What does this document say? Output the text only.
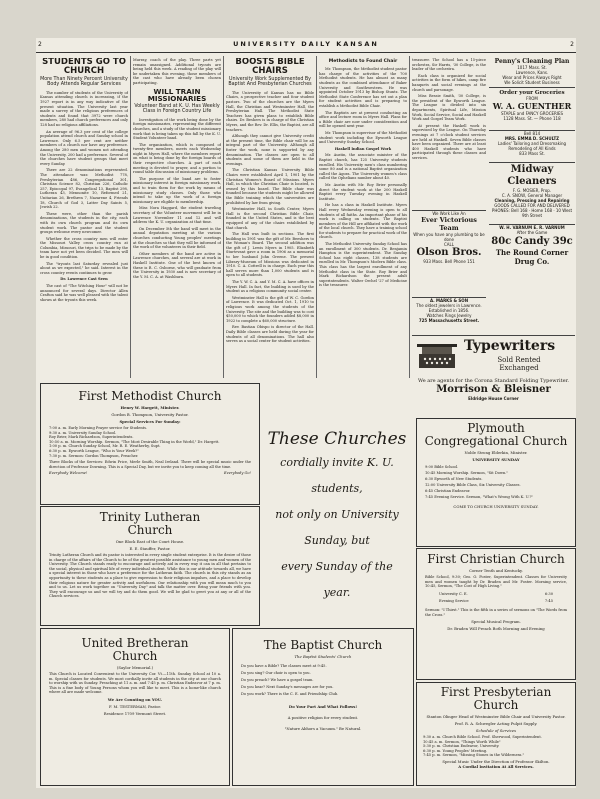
2	UNIVERSITY DAILY KANSAN	2
STUDENTS GO TO CHURCH
More Than Ninety Percent University Body Attends Regular Services

The number of students of the University of Kansas attending church is increasing, if the 1927 report is in any way indicative of the present situation. The University last year made a survey of the religious preferences of students and found that 3972 were church members, 280 had church preferences and only 128 had no religious affiliations.

An average of 96.3 per cent of the college population attend church and Sunday school in Lawrence. Only 6.5 per cent are neither members of a church nor have any preference. Among the 280 men and women not attending the University, 200 had a preference. Several of the churches have student groups that meet every Sunday.

There are 22 denominations represented. The attendance was: Methodist 778, Presbyterian 486, Congregational 301, Christian Science 82, Christian 226, Catholic 257, Episcopal 97, Evangelical 13, Baptist 298, Lutheran 43, Mennonite 10, Reformed 21, Unitarian 26, Brethren 7, Nazarene 4, Friends 18, Church of God 3, Latter Day Saints 5, Jewish 22.

These were, other than the parish denominations, the students in the city, each with its own church program and its own student work. The pastor and the student groups welcome every newcomer.

Whether the cross country men will enter the Missouri Valley cross country run at Columbia, Missouri, the trips to be made by the team have not yet been decided. The men will be in good condition.

The "tryouts last Saturday revealed just about as we expected," he said. Interest in the cross country events continues to grow.

Dr. Lawrence Cast Seen

The cast of "The Witching Hour" will not be announced for several days. Director Allen Crafton said he was well pleased with the talent shown at the tryouts this week.

Murray, coach of the play. Three parts yet remain unassigned. Additional tryouts are being held this week. A reading of the play will be undertaken this evening, those members of the cast who have already been chosen participating.

WILL TRAIN MISSIONARIES
Volunteer Band at K. U. Has Weekly Class in Foreign Country Life

Investigation of the work being done by the foreign missionaries, representing the different churches, and a study of the student missionary work that is being taken up this fall by the K. U. Student Volunteer band.

The organization, which is composed of twenty-five members, meets each Wednesday night in Myers Hall, where the members report on what is being done by the foreign boards of their respective churches. A part of each meeting is devoted to prayer, and a portion to round table discussion of missionary problems.

The purpose of the band are to foster missionary interest in foreign missionary work, and to train them for the work by means of missionary study classes. Only those who intend to take up the work of a foreign missionary are eligible to membership.

Miss Nora Haggard, the student traveling secretary of the Volunteer movement will be in Lawrence November 11 and 12 and will address the K. U. organization at that time.

On December 5th the band will meet in the annual deputation meeting at the various churches conducting Young peoples' meetings at the churches so that they will be informed of the work of the volunteers in their field.

Other members of the band are active in Lawrence churches, and several are at work in Haskell Institute. One of the best known of these is R. C. Osborne, who will graduate from the University in 1930 and is now secretary of the Y. M. C. A. at Washburn.

BOOSTS BIBLE CHAIRS
University Work Supplemented By Baptist And Presbyterian Churches

The University of Kansas has no Bible Chairs, a prospective teacher and four student pastors. Two of the churches are the Myers Hall, the Christian and Westminster Hall, the Presbyterian Hall. The Methodist State Teachers has given plans to establish Bible chairs. Dr. Beshers is in charge of the Christian Myers, and the Rev. Dr. Ellis, the Baptist, are all teachers.

Although they cannot give University credit at the present time, the Bible chair will be an integral part of the University. Although all foster the work, none is supported by any denomination. The classes are open to all students and some of them are held in the evenings.

The Christian Kansas University Bible Chairs were established April 1, 1901 by the Christian Women's Board of Missions. Myers Hall, in which the Christian Chair is located, is owned by this board. The Bible chair was founded because the students might be allowed the Bible training which the universities are prohibited by law from giving.

Westminster Hall, in South Center, Myers Hall is the second Christian Bible Chair, founded in the United States, and is the best equipped of any of the chairs established by that church.

The Hall was built in sections. The first building in 1901 was the gift of Mr. Beeshers to the Woman's Board. The second addition was the gift of J. Lewis Myers in 1905. Elizabeth Sturtevant gave a room in 1906 as a memorial to her husband John Greene. The present Library-Museum of Missions was dedicated in 1910. C. A. Cottrell is in charge. Each year this hall serves more than 1,000 students and is open to all students.

The Y. W. C. A. and Y. M. C. A. have offices in Myers Hall. In fact, the building is used by the student as a religious community social center.

Westminster Hall is the gift of W. C. Gordon of Lawrence. It was dedicated Oct. 1, 1910 to religious work among the students of the University. The site and the building was to cost $50,000 to which the founders added $8,000 in 1922 to complete a $60,000 structure.

Rev. Bastian Obispo is director of the Hall. Daily Bible classes are held during the year for students of all denominations. The hall also serves as a social center for student activities.

Methodists to Found Chair

Mr. Thompson, the Methodist student pastor has charge of the activities of the 700 Methodist students. He has almost as many students as the combined attendance of Baker University and Southwestern. He was appointed October 1913 by Bishop Stuntz. The Methodist State Conference has set out a plan for student activities and is preparing to establish a Methodist Bible Chair.

The Baptists are at present conducting an office and lecture room in Myers Hall. Plans for a Bible chair are now under consideration and will be opened next year.

Mr. Thompson is supervisor of the Methodist student work including the Epworth League and University Sunday School.

Haskell Indian Gospel Work

Mr. Austin, the associate minister of the Baptist church, has 125 University students enrolled. His University men's class numbering some 80 and is a national Baptist organization called the Agora. The University women's class called the Ophelians number about 40.

Mr. Austin with Mr. Roy Brier personally direct the student work at the 200 Haskell Baptist every Tuesday evening in Haskell Institute.

He has a class in Haskell Institute. Myers Hall every Wednesday evening is open to all students of all faiths. An important phase of his work is calling on students. The Baptist members of the Hill are affiliated with the work of the local church. They have a training school for students to prepare for practical work of the church.

The Methodist University Sunday School has an enrollment of 300 students. Dr. Benjamin Hampton is the superintendent. The Sunday School has eight classes, 138 students are enrolled in Mr. Thompson's Modern Bible class. This class has the largest enrollment of any Methodist class in the State. Roy Brier and Mark Richardson the present adult superintendents. Walter Orchel '27 of Medicine is the treasurer.

treasurer. The School has a 15-piece orchestra, Sir Harris, '30 College, is the leader of the orchestra.

Each class is organized for social activities in the form of hikes, camp fire banquets and social evenings at the church and parsonage.

Miss Bessie Smith, '30 College, is the president of the Epworth League. The League is divided into six departments, Spiritual Life, Mission Work, Social Service, Social and Haskell Work and Gospel Team Work.

At present the Haskell work is supervised by the League. On Thursday evenings at 7 o'clock student services are held at Haskell. Seven Bible classes have been organized. There are at least 400 Haskell students who have participated through these classes and services.

Penny's Cleaning Plan
1017 Mass. St.
Lawrence, Kans.
Wear and Prices Always Right
We Solicit Student Business
Order your Groceries
FROM
W. A. GUENTHER
STAPLE and FANCY GROCERIES
1128 Mass. St. — Phone 118
Bell 814
MRS. EMMA D. SCHULTZ
Ladies' Tailoring and Dressmaking
Remodeling of All Kinds
833 Mass St.
Midway Cleaners
F. G. MOSIER, Prop.
C. A. SNOW, General Manager
Cleaning, Pressing and Repairing
GOODS CALLED FOR AND DELIVERED
PHONES: Bell 168 · Home 168 · 10 West 9th Street
W. H. VARNUM E. R. VARNUM
After the Game
80c Candy 39c
The Round Corner Drug Co.
We Work Like An
Ever Victorious Team
When you have any plumbing to be done
CALL
Olson Bros.
933 Mass. Bell Phone 151
A. MARKS & SON
The oldest jewelers in Lawrence. Established in 1856.
Watches Rings Jewelry
725 Massachusetts Street.
Typewriters
Sold Rented
Exchanged
We are agents for the Corona Standard Folding Typewriter.
Morrison & Bleisner
Eldridge House Corner
First Methodist Church
Henry W. Hargett, Minister.
Gordon B. Thompson, University Pastor.
Special Services For Sunday:
7:00 a. m. Early Morning Prayer service for Students.
9:30 a. m. University Sunday School.
Roy Brier, Mark Richardson, Superintendents.
10:50 a. m. Morning Worship. Sermon, "The Most Desirable Thing in the World," Dr. Hargett.
1:00 p. m. Church Sunday School, Mr. R. E. Weatherby, Supt.
6:30 p. m. Epworth League, "Who is Your Week?"
7:30 p. m. Sermon: Gordon Thompson, Preacher.
Three Blocks of the Services: Edwin Price, Merle Smith, Neal Ireland. There will be special music under the direction of Professor Downing. This is a Special Day, but we invite you to keep coming all the time.
Everybody Welcome!	Everybody Go!
These Churches
cordially invite K. U.
students,
not only on University
Sunday, but
every Sunday of the
year.
Plymouth
Congregational Church
Noble Strong Elderkin, Minister.
UNIVERSITY SUNDAY
9:00 Bible School.
10:45 Morning Worship. Sermon, "Sit Down."
6:30 Epworth of New Students.
12:00 University Bible Class, Six University Classes.
6:45 Christian Endeavor.
7:45 Evening Service. Sermon, "What's Wrong With K. U.?"
COME TO CHURCH UNIVERSITY SUNDAY.
Trinity Lutheran
Church
One Block East of the Court House.
E. E. Stauffer, Pastor.
Trinity Lutheran Church and its pastor is interested in every single student enterprise. It is the desire of those in charge of the affairs of the Church to be of the greatest possible assistance to young men and women of the University. The Church stands ready to encourage and actively aid in every way it can in all that pertains to the social, physical and spiritual life of every individual student. While this is our attitude towards all, we have a special interest in those who have a preference for the Lutheran faith. The church in this city stands as an opportunity to these students as a place to give expression to their religious impulses, and a place to develop their religious nature for greater activity and usefulness. Our relationship with you will mean much to you and to us. Let us work together on "University Day" and talk the matter over. Bring your friends with you. They will encourage us and we will try and do them good. We will be glad to greet you at any or all of the Church services.
First Christian Church
Corner Tenth and Kentucky.
Bible School, 9:30; Geo. O. Foster, Superintendent. Classes for University men and women taught by Dr. Braden and Mr. Foster. Morning service, 10:45, Sermon, "The Cost of High Living."
University C. E.	6:30
Evening Service	7:45
Sermon: "I Thirst." This is the fifth in a series of sermons on "The Words from the Cross."
Special Musical Program.
Dr. Braden Will Preach Both Morning and Evening
United Bretheran
Church
(Saylor Memorial.)
This Church is Located Convenient to the University Cor. Vt.—11th. Sunday School at 10 a. m. Special classes for students. We most cordially invite all students in the city at our church to worship with us Sunday. Preaching at 11 a. m. and 7:45 p. m. Christian Endeavor at 7 p. m. This is a fine body of Young Persons whom you will like to meet. This is a home-like church where all are made welcome.
We Are Counting on YOU.
F. M. TESTERMAN, Pastor.
Residence 1709 Vermont Street.
The Baptist Church
The Baptist Students' Church
Do you have a Bible? The classes meet at 9:45.
Do you sing? Our choir is open to you.
Do you preach? We have a gospel team.
Do you hear? Next Sunday's messages are for you.
Do you work? There is the C. E. and Friendship Club.
Do Your Part And What Follows!
A positive religion for every student.
"Nature Abhors a Vacuum." Be Natural.
First Presbyterian
Church
Stanton Olinger Head of Westminster Bible Chair and University Pastor.
Prof. R. A. Schwegler Acting Pulpit Supply.
Schedule of Services
9:30 a. m. Church Bible School. Prof. Sherwood, Superintendent.
10:45 a. m. Sermon, "Things Worth While"
5:30 p. m. Christian Endeavor, University.
6:30 p. m. Young Peoples' Meeting.
7:45 p. m. Sermon, "Missing Stones in the Wilderness."
Special Music Under the Direction of Professor Skilton.
A Cordial Invitation At All Services.
